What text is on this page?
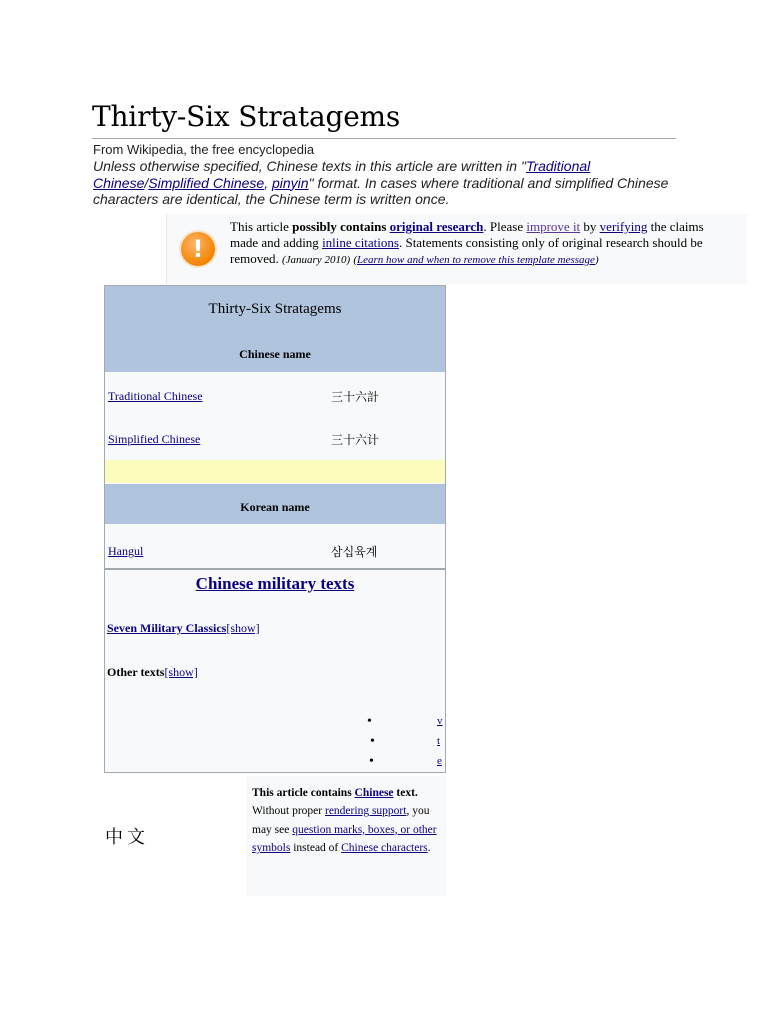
Thirty-Six Stratagems
From Wikipedia, the free encyclopedia
Unless otherwise specified, Chinese texts in this article are written in "Traditional Chinese/Simplified Chinese, pinyin" format. In cases where traditional and simplified Chinese characters are identical, the Chinese term is written once.
!
This article possibly contains original research. Please improve it by verifying the claims made and adding inline citations. Statements consisting only of original research should be removed. (January 2010) (Learn how and when to remove this template message)
Thirty-Six Stratagems
Chinese name
Traditional Chinese	三十六計
Simplified Chinese	三十六计
Korean name
Hangul	삼십육계
Chinese military texts
Seven Military Classics[show]
Other texts[show]
•	v
•	t
•	e
中文
This article contains Chinese text. Without proper rendering support, you may see question marks, boxes, or other symbols instead of Chinese characters.
